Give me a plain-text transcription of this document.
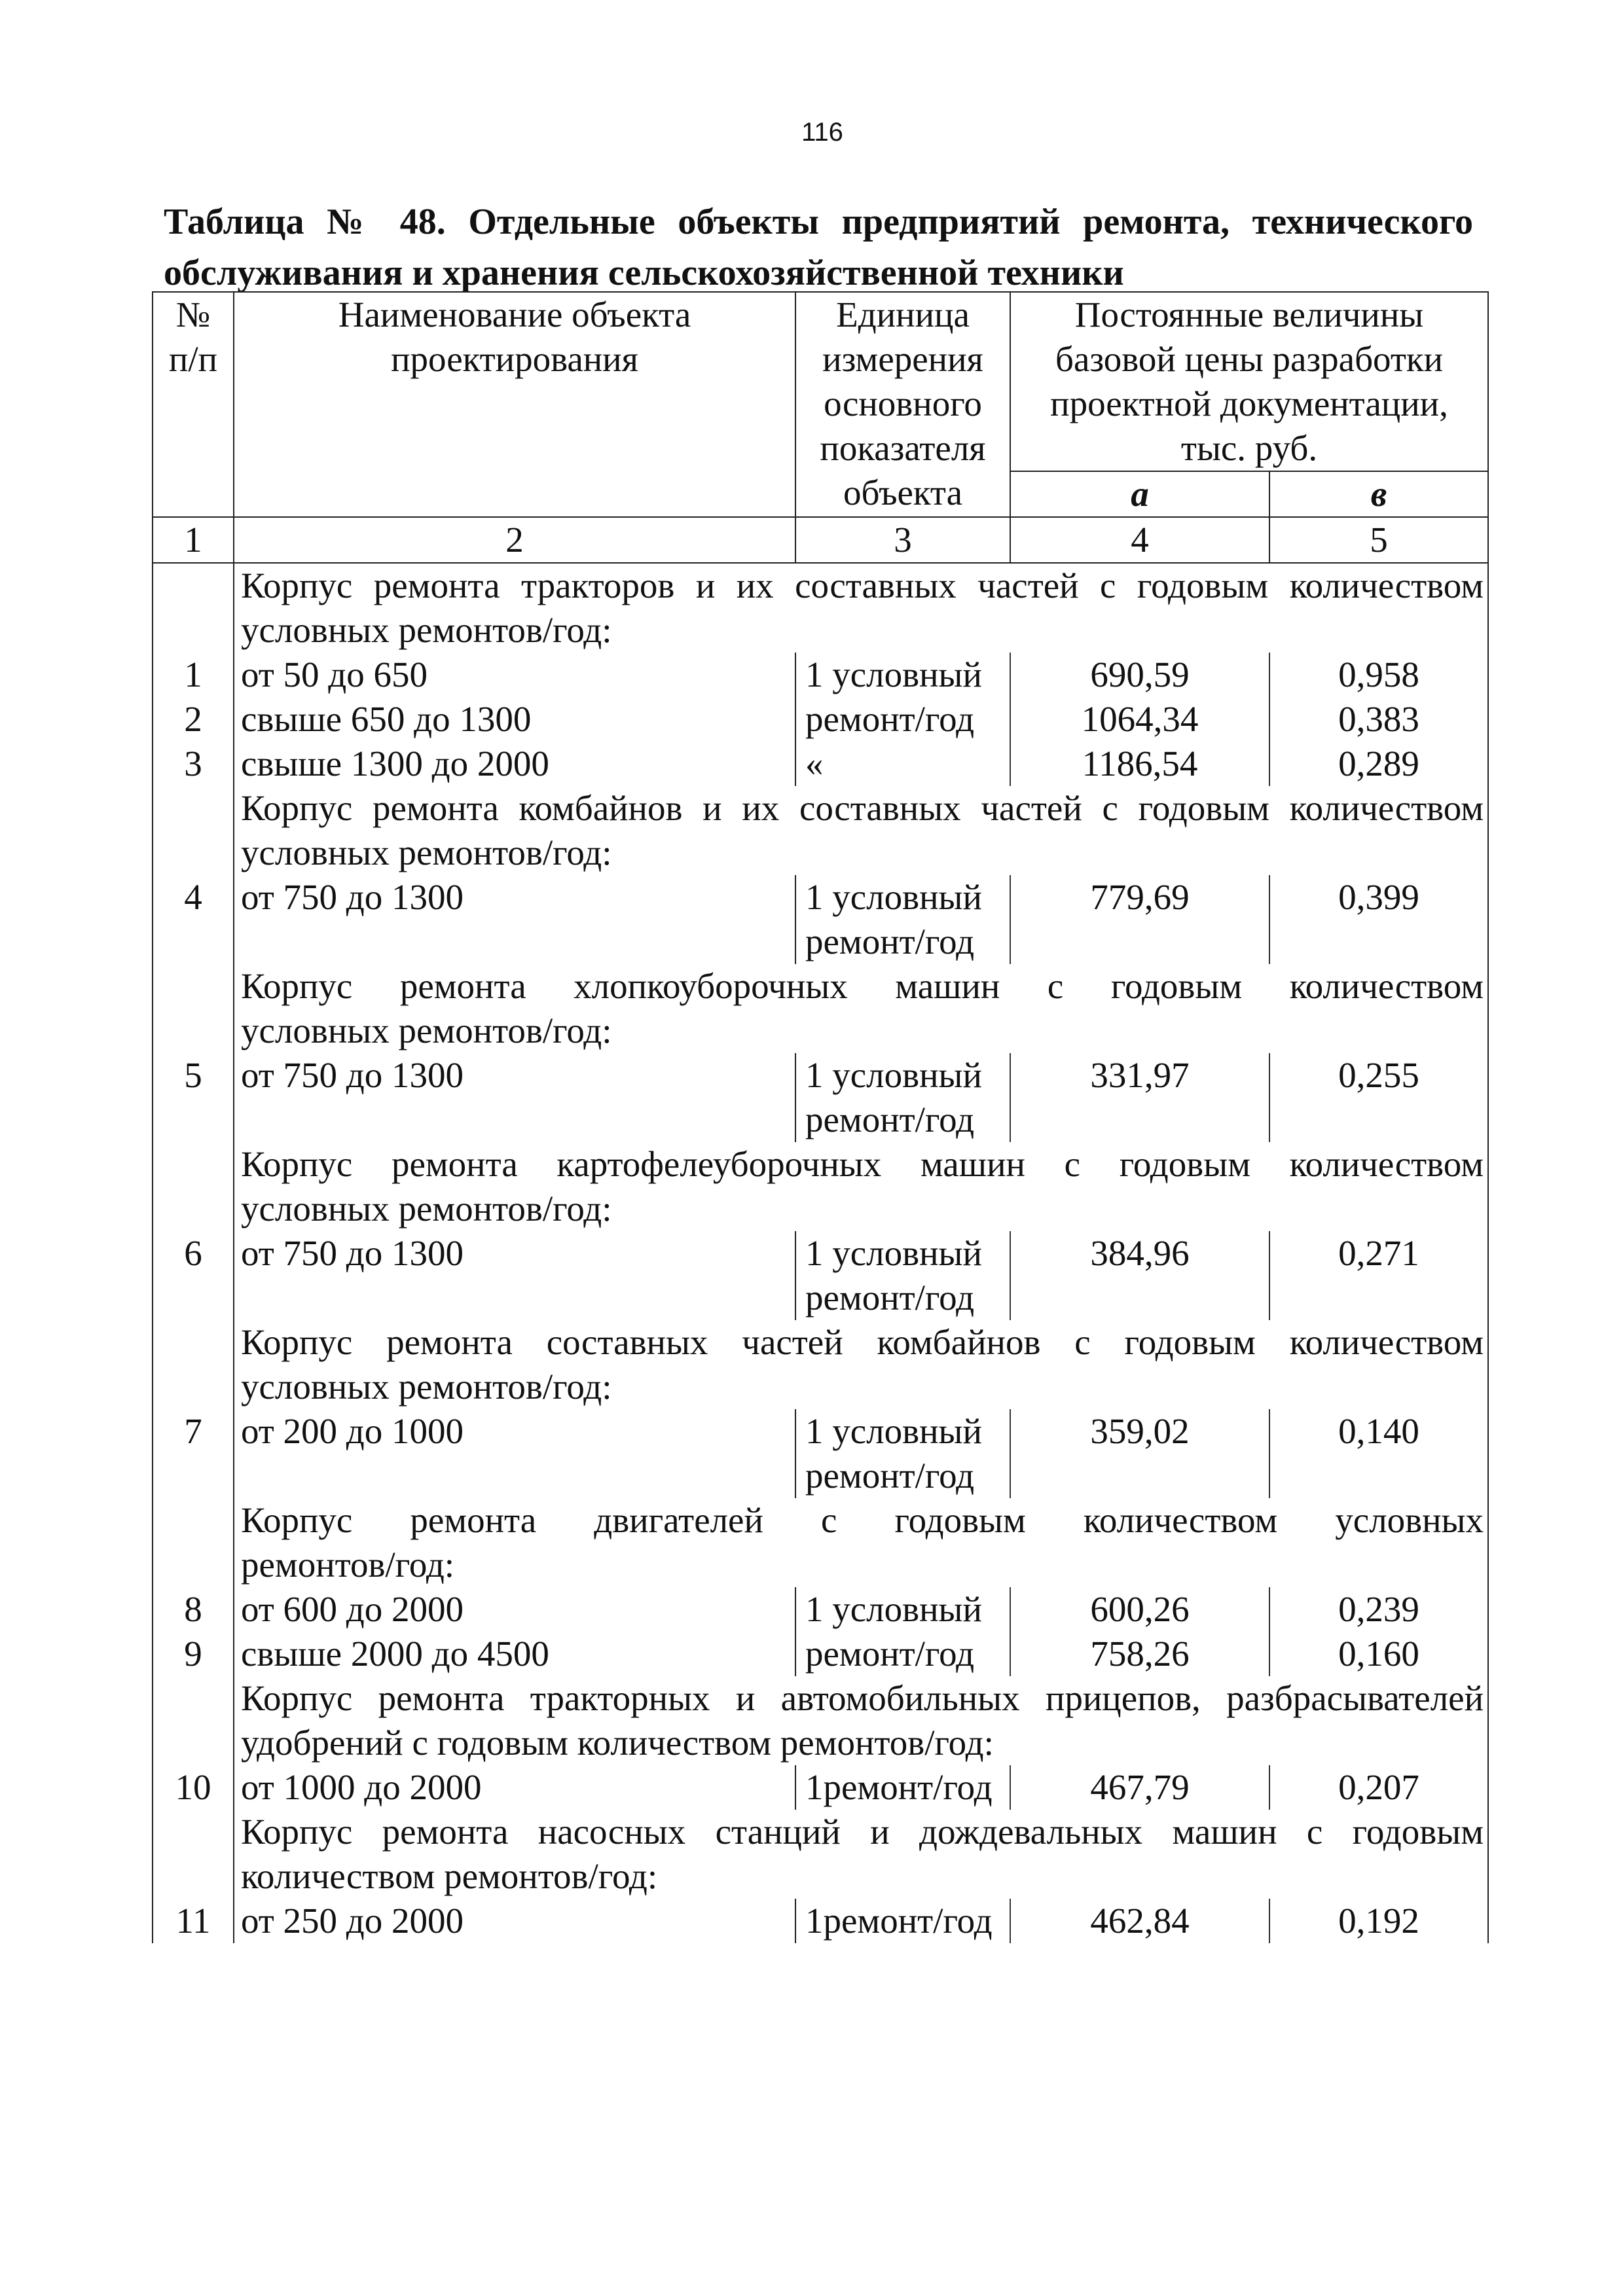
116
Таблица № 48. Отдельные объекты предприятий ремонта, технического
обслуживания и хранения сельскохозяйственной техники
№ п/п	Наименование объекта проектирования	Единица измерения основного показателя объекта	Постоянные величины базовой цены разработки проектной документации, тыс. руб.	
			а	в
1	2	3	4	5
	Корпус ремонта тракторов и их составных частей с годовым количеством			
	условных ремонтов/год:			
1	от 50 до 650	1 условный	690,59	0,958
2	свыше 650 до 1300	ремонт/год	1064,34	0,383
3	свыше 1300 до 2000	«	1186,54	0,289
	Корпус ремонта комбайнов и их составных частей с годовым количеством			
	условных ремонтов/год:			
4	от 750 до 1300	1 условный	779,69	0,399
		ремонт/год		
	Корпус ремонта хлопкоуборочных машин с годовым количеством			
	условных ремонтов/год:			
5	от 750 до 1300	1 условный	331,97	0,255
		ремонт/год		
	Корпус ремонта картофелеуборочных машин с годовым количеством			
	условных ремонтов/год:			
6	от 750 до 1300	1 условный	384,96	0,271
		ремонт/год		
	Корпус ремонта составных частей комбайнов с годовым количеством			
	условных ремонтов/год:			
7	от 200 до 1000	1 условный	359,02	0,140
		ремонт/год		
	Корпус ремонта двигателей с годовым количеством условных			
	ремонтов/год:			
8	от 600 до 2000	1 условный	600,26	0,239
9	свыше 2000 до 4500	ремонт/год	758,26	0,160
	Корпус ремонта тракторных и автомобильных прицепов, разбрасывателей			
	удобрений с годовым количеством ремонтов/год:			
10	от 1000 до 2000	1ремонт/год	467,79	0,207
	Корпус ремонта насосных станций и дождевальных машин с годовым			
	количеством ремонтов/год:			
11	от 250 до 2000	1ремонт/год	462,84	0,192
